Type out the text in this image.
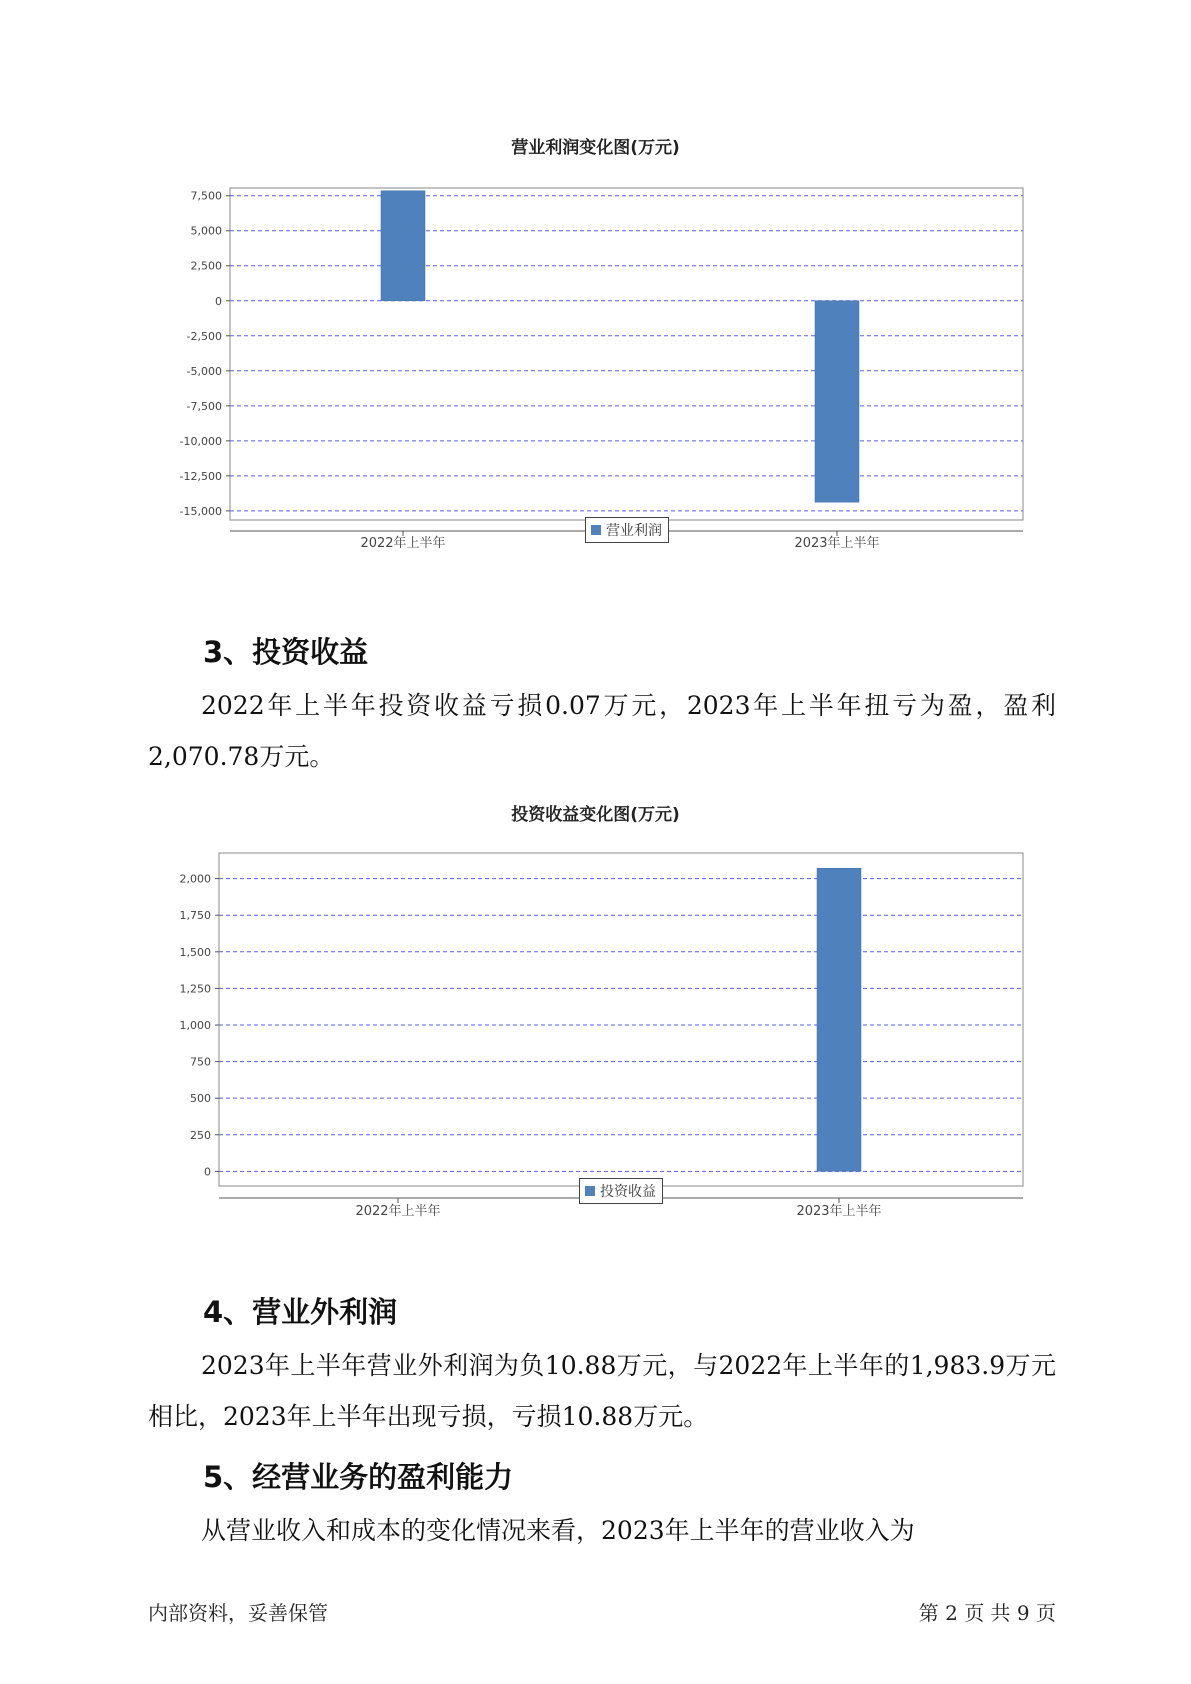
营业利润变化图(万元)
7,500
5,000
2,500
0
-2,500
-5,000
-7,500
-10,000
-12,500
-15,000
2022年上半年	2023年上半年
营业利润
3、投资收益

2022年上半年投资收益亏损0.07万元，2023年上半年扭亏为盈，盈利2,070.78万元。

投资收益变化图(万元)
2,000
1,750
1,500
1,250
1,000
750
500
250
0
2022年上半年	2023年上半年
投资收益
4、营业外利润

2023年上半年营业外利润为负10.88万元，与2022年上半年的1,983.9万元相比，2023年上半年出现亏损，亏损10.88万元。

5、经营业务的盈利能力

从营业收入和成本的变化情况来看，2023年上半年的营业收入为

内部资料，妥善保管	第 2 页 共 9 页
